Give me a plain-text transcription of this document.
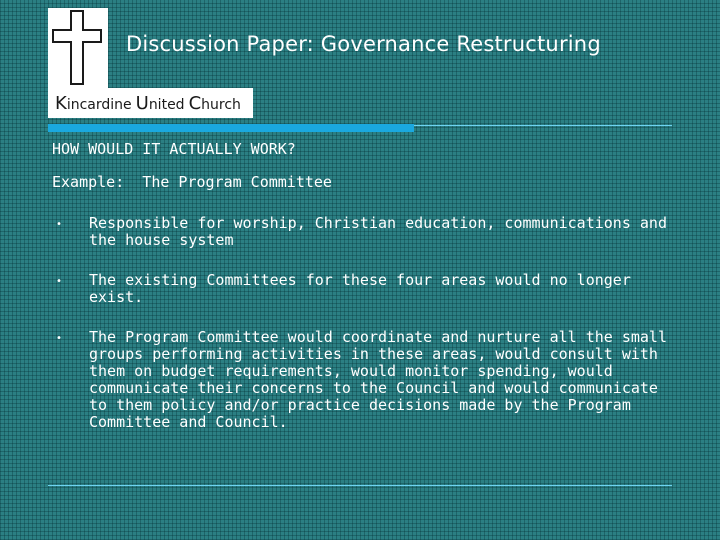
Discussion Paper: Governance Restructuring
Kincardine United Church
HOW WOULD IT ACTUALLY WORK?
Example:  The Program Committee
• Responsible for worship, Christian education, communications and the house system
• The existing Committees for these four areas would no longer exist.
• The Program Committee would coordinate and nurture all the small groups performing activities in these areas, would consult with them on budget requirements, would monitor spending, would communicate their concerns to the Council and would communicate to them policy and/or practice decisions made by the Program Committee and Council.
